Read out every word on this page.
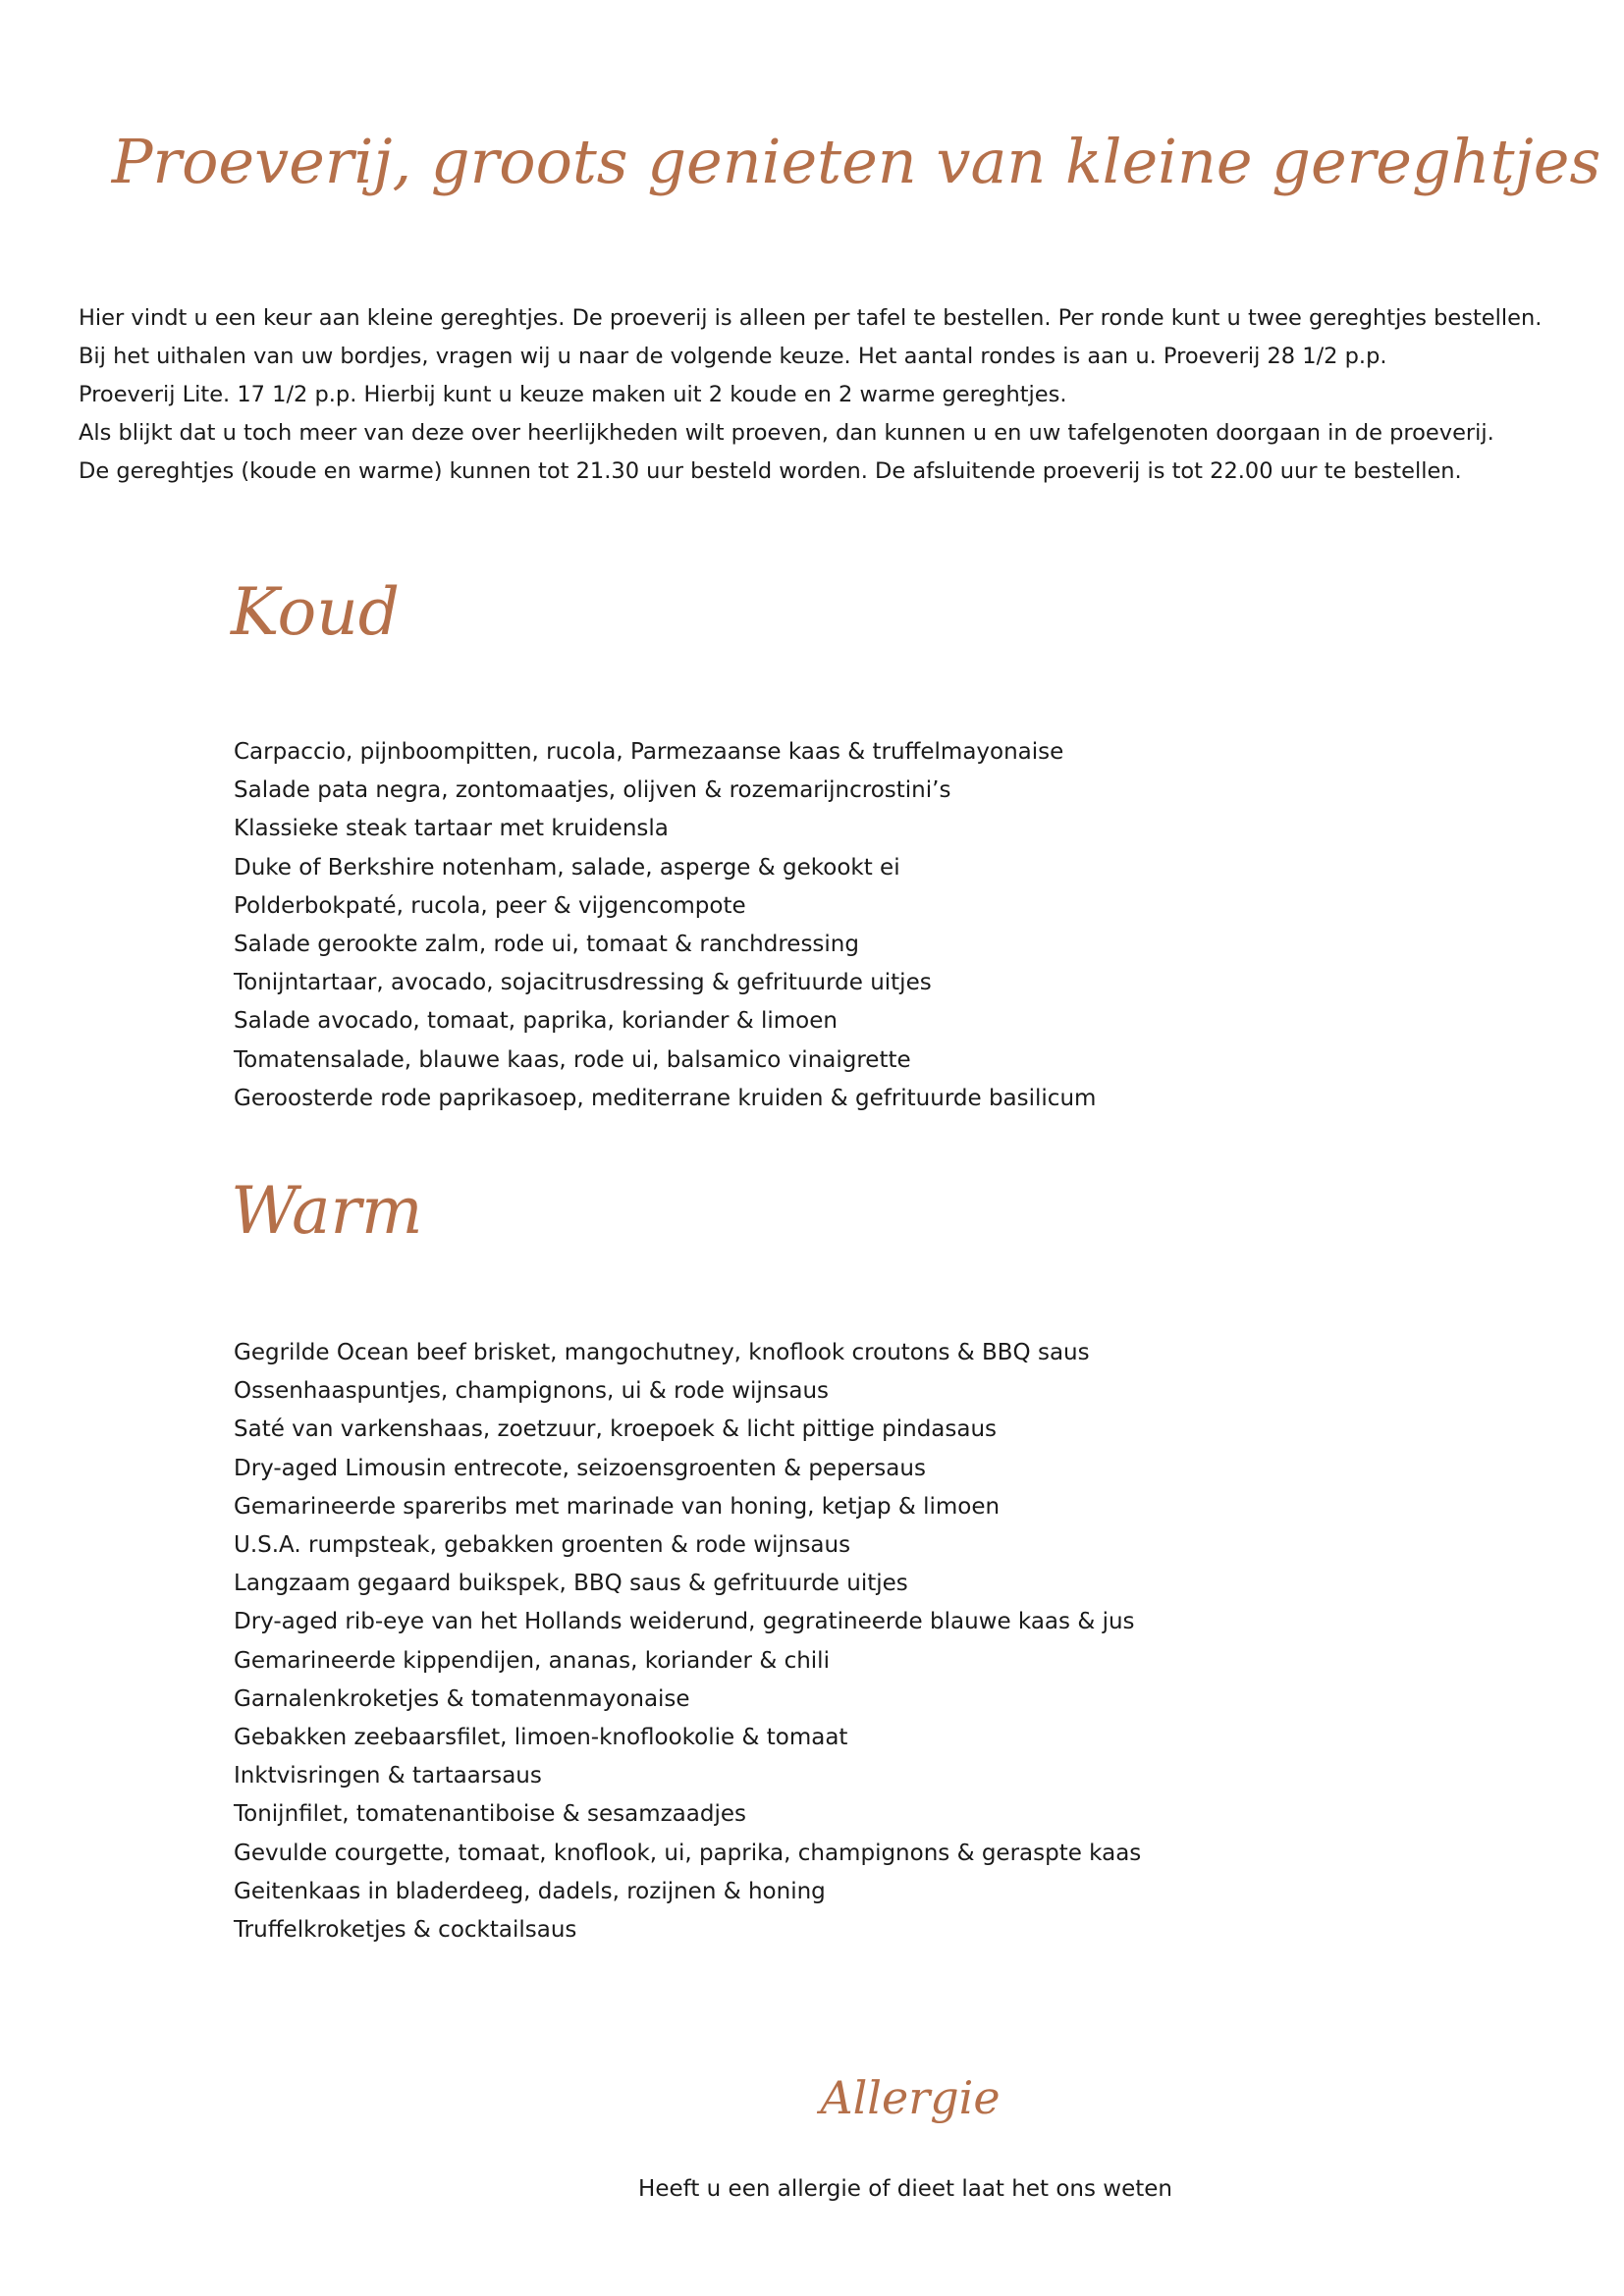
Proeverij, groots genieten van kleine gereghtjes

Hier vindt u een keur aan kleine gereghtjes. De proeverij is alleen per tafel te bestellen. Per ronde kunt u twee gereghtjes bestellen.

Bij het uithalen van uw bordjes, vragen wij u naar de volgende keuze. Het aantal rondes is aan u. Proeverij 28 1/2 p.p.

Proeverij Lite. 17 1/2 p.p. Hierbij kunt u keuze maken uit 2 koude en 2 warme gereghtjes.

Als blijkt dat u toch meer van deze over heerlijkheden wilt proeven, dan kunnen u en uw tafelgenoten doorgaan in de proeverij.

De gereghtjes (koude en warme) kunnen tot 21.30 uur besteld worden. De afsluitende proeverij is tot 22.00 uur te bestellen.

Koud
Carpaccio, pijnboompitten, rucola, Parmezaanse kaas & truffelmayonaise
Salade pata negra, zontomaatjes, olijven & rozemarijncrostini’s
Klassieke steak tartaar met kruidensla
Duke of Berkshire notenham, salade, asperge & gekookt ei
Polderbokpaté, rucola, peer & vijgencompote
Salade gerookte zalm, rode ui, tomaat & ranchdressing
Tonijntartaar, avocado, sojacitrusdressing & gefrituurde uitjes
Salade avocado, tomaat, paprika, koriander & limoen
Tomatensalade, blauwe kaas, rode ui, balsamico vinaigrette
Geroosterde rode paprikasoep, mediterrane kruiden & gefrituurde basilicum
Warm
Gegrilde Ocean beef brisket, mangochutney, knoflook croutons & BBQ saus
Ossenhaaspuntjes, champignons, ui & rode wijnsaus
Saté van varkenshaas, zoetzuur, kroepoek & licht pittige pindasaus
Dry-aged Limousin entrecote, seizoensgroenten & pepersaus
Gemarineerde spareribs met marinade van honing, ketjap & limoen
U.S.A. rumpsteak, gebakken groenten & rode wijnsaus
Langzaam gegaard buikspek, BBQ saus & gefrituurde uitjes
Dry-aged rib-eye van het Hollands weiderund, gegratineerde blauwe kaas & jus
Gemarineerde kippendijen, ananas, koriander & chili
Garnalenkroketjes & tomatenmayonaise
Gebakken zeebaarsfilet, limoen-knoflookolie & tomaat
Inktvisringen & tartaarsaus
Tonijnfilet, tomatenantiboise & sesamzaadjes
Gevulde courgette, tomaat, knoflook, ui, paprika, champignons & geraspte kaas
Geitenkaas in bladerdeeg, dadels, rozijnen & honing
Truffelkroketjes & cocktailsaus
Allergie

Heeft u een allergie of dieet laat het ons weten
